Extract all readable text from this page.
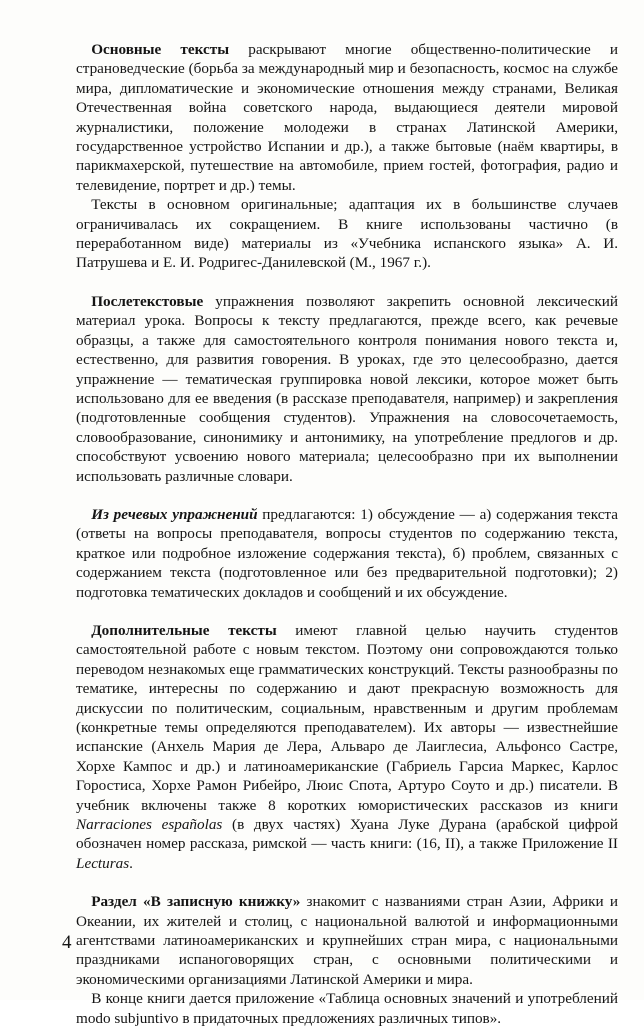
 Основные тексты раскрывают многие общественно-политические и страноведческие (борьба за международный мир и безопасность, космос на службе мира, дипломатические и экономические отношения между странами, Великая Отечественная война советского народа, выдающиеся деятели мировой журналистики, положение молодежи в странах Латинской Америки, государственное устройство Испании и др.), а также бытовые (наём квартиры, в парикмахерской, путешествие на автомобиле, прием гостей, фотография, радио и телевидение, портрет и др.) темы.

 Тексты в основном оригинальные; адаптация их в большинстве случаев ограничивалась их сокращением. В книге использованы частично (в переработанном виде) материалы из «Учебника испанского языка» А. И. Патрушева и Е. И. Родригес-Данилевской (М., 1967 г.).

 Послетекстовые упражнения позволяют закрепить основной лексический материал урока. Вопросы к тексту предлагаются, прежде всего, как речевые образцы, а также для самостоятельного контроля понимания нового текста и, естественно, для развития говорения. В уроках, где это целесообразно, дается упражнение — тематическая группировка новой лексики, которое может быть использовано для ее введения (в рассказе преподавателя, например) и закрепления (подготовленные сообщения студентов). Упражнения на словосочетаемость, словообразование, синонимику и антонимику, на употребление предлогов и др. способствуют усвоению нового материала; целесообразно при их выполнении использовать различные словари.

 Из речевых упражнений предлагаются: 1) обсуждение — а) содержания текста (ответы на вопросы преподавателя, вопросы студентов по содержанию текста, краткое или подробное изложение содержания текста), б) проблем, связанных с содержанием текста (подготовленное или без предварительной подготовки); 2) подготовка тематических докладов и сообщений и их обсуждение.

 Дополнительные тексты имеют главной целью научить студентов самостоятельной работе с новым текстом. Поэтому они сопровождаются только переводом незнакомых еще грамматических конструкций. Тексты разнообразны по тематике, интересны по содержанию и дают прекрасную возможность для дискуссии по политическим, социальным, нравственным и другим проблемам (конкретные темы определяются преподавателем). Их авторы — известнейшие испанские (Анхель Мария де Лера, Альваро де Лаиглесиа, Альфонсо Састре, Хорхе Кампос и др.) и латиноамериканские (Габриель Гарсиа Маркес, Карлос Горостиса, Хорхе Рамон Рибейро, Люис Спота, Артуро Соуто и др.) писатели. В учебник включены также 8 коротких юмористических рассказов из книги Narraciones españolas (в двух частях) Хуана Луке Дурана (арабской цифрой обозначен номер рассказа, римской — часть книги: (16, II), а также Приложение II Lecturas.

 Раздел «В записную книжку» знакомит с названиями стран Азии, Африки и Океании, их жителей и столиц, с национальной валютой и информационными агентствами латиноамериканских и крупнейших стран мира, с национальными праздниками испаноговорящих стран, с основными политическими и экономическими организациями Латинской Америки и мира.

 В конце книги дается приложение «Таблица основных значений и употреблений modo subjuntivo в придаточных предложениях различных типов».

4
